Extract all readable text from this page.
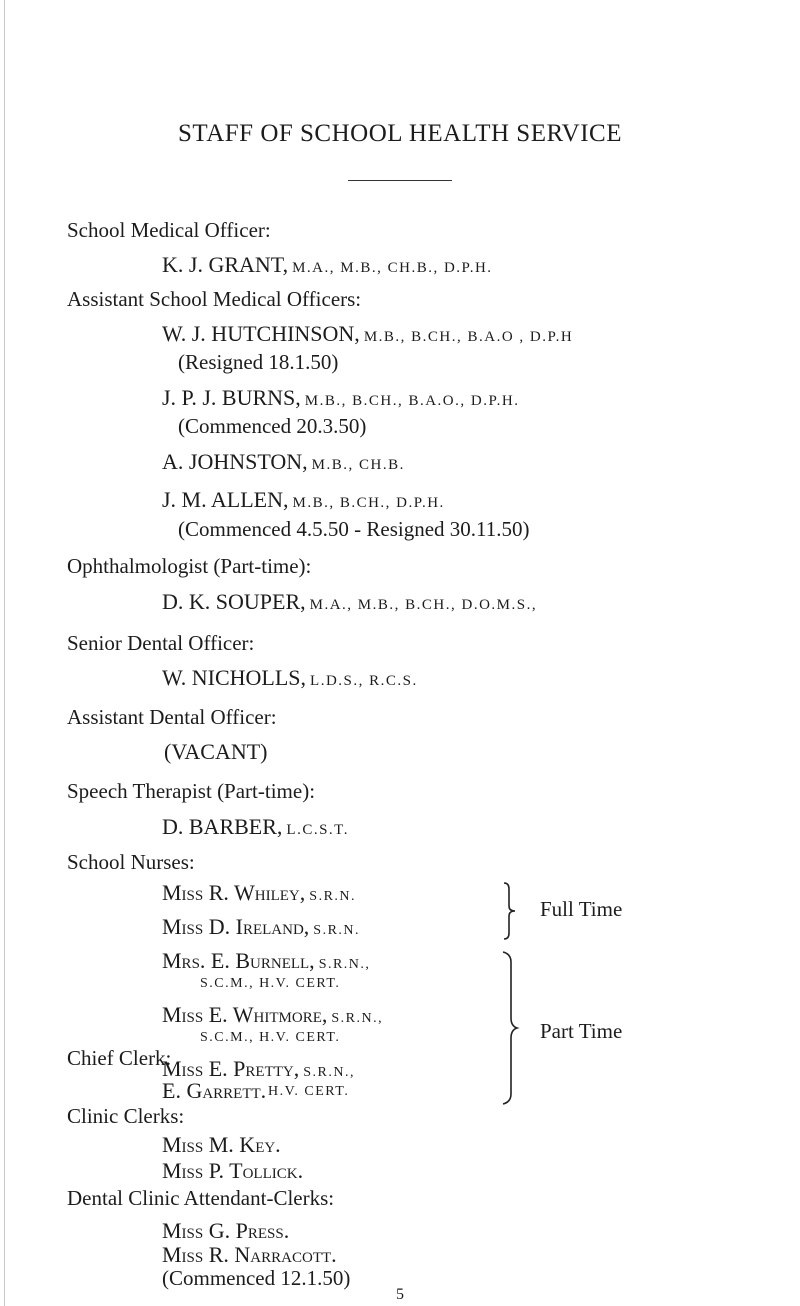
STAFF OF SCHOOL HEALTH SERVICE
School Medical Officer:
K. J. GRANT, M.A., M.B., CH.B., D.P.H.
Assistant School Medical Officers:
W. J. HUTCHINSON, M.B., B.CH., B.A.O , D.P.H
(Resigned 18.1.50)
J. P. J. BURNS, M.B., B.CH., B.A.O., D.P.H.
(Commenced 20.3.50)
A. JOHNSTON, M.B., CH.B.
J. M. ALLEN, M.B., B.CH., D.P.H.
(Commenced 4.5.50 - Resigned 30.11.50)
Ophthalmologist (Part-time):
D. K. SOUPER, M.A., M.B., B.CH., D.O.M.S.,
Senior Dental Officer:
W. NICHOLLS, L.D.S., R.C.S.
Assistant Dental Officer:
(VACANT)
Speech Therapist (Part-time):
D. BARBER, L.C.S.T.
School Nurses:
Miss R. Whiley, S.R.N.
Miss D. Ireland, S.R.N.
Mrs. E. Burnell, S.R.N.,
S.C.M., H.V. CERT.
Miss E. Whitmore, S.R.N.,
S.C.M., H.V. CERT.
Miss E. Pretty, S.R.N.,
H.V. CERT.
Full Time
Part Time
Chief Clerk:
E. Garrett.
Clinic Clerks:
Miss M. Key.
Miss P. Tollick.
Dental Clinic Attendant-Clerks:
5
Miss G. Press.
Miss R. Narracott.
(Commenced 12.1.50)
